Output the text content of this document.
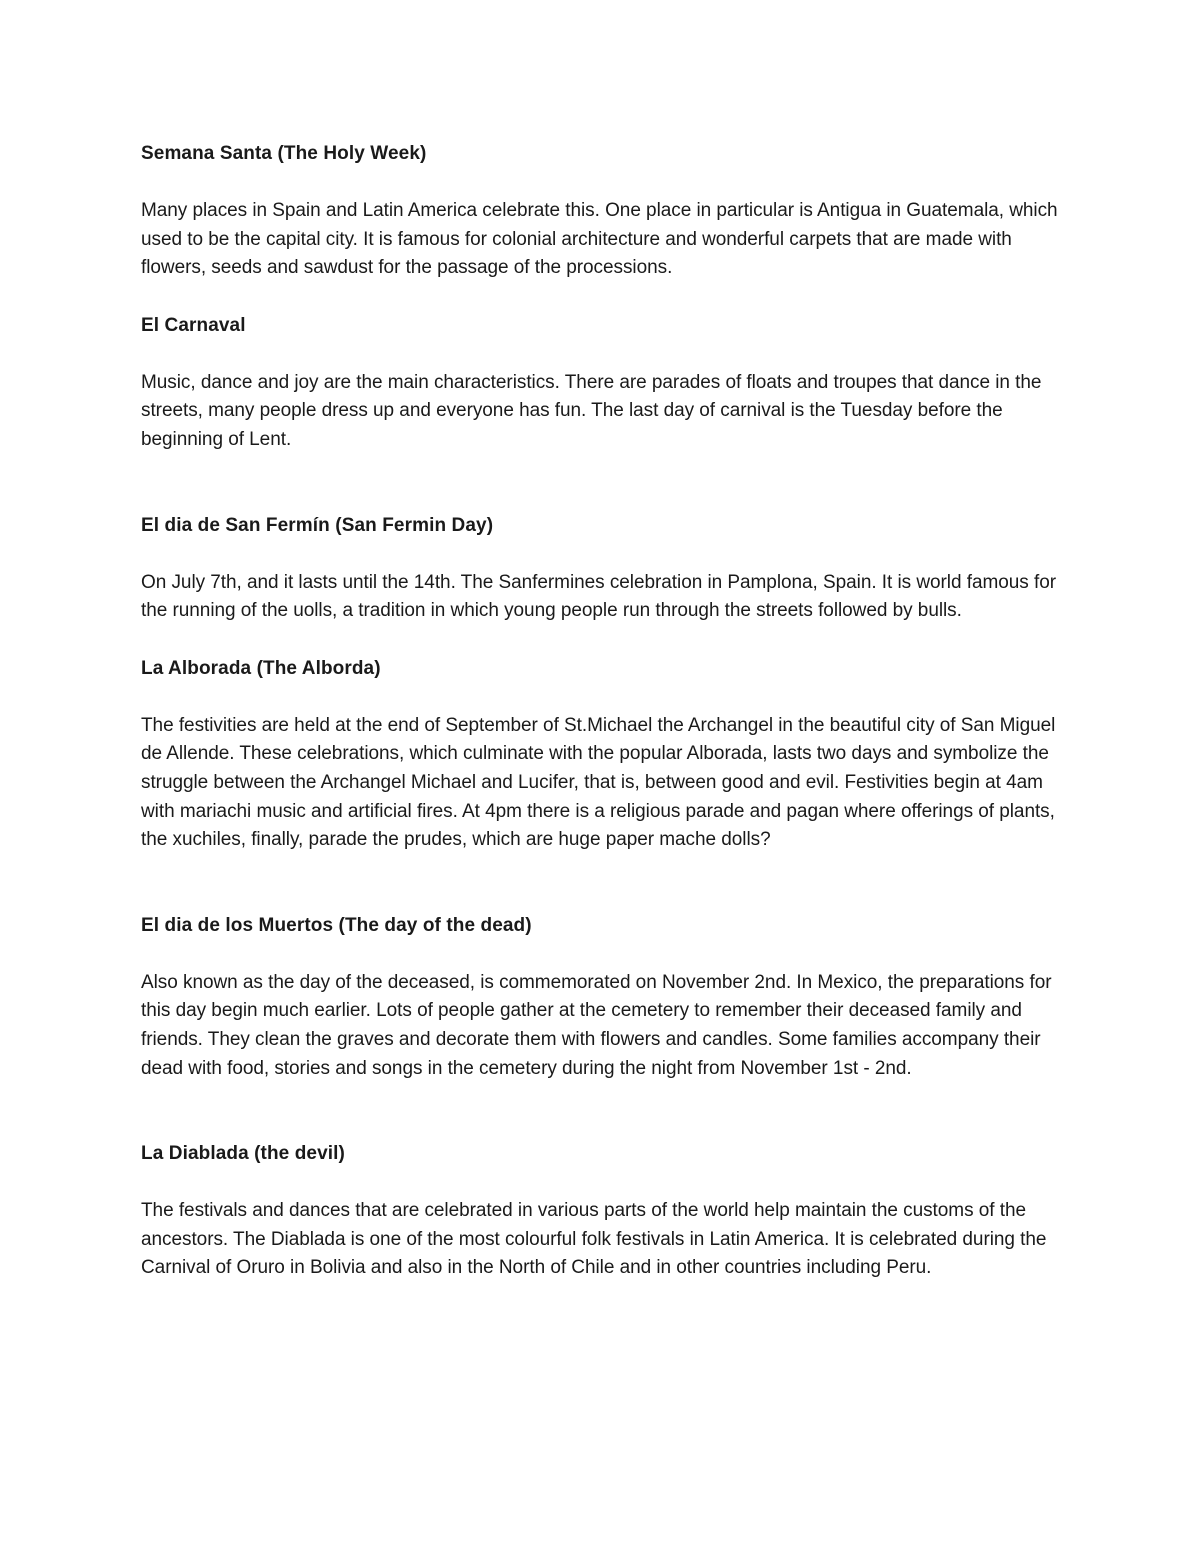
Semana Santa (The Holy Week)

Many places in Spain and Latin America celebrate this. One place in particular is Antigua in Guatemala, which used to be the capital city. It is famous for colonial architecture and wonderful carpets that are made with flowers, seeds and sawdust for the passage of the processions.

El Carnaval

Music, dance and joy are the main characteristics. There are parades of floats and troupes that dance in the streets, many people dress up and everyone has fun. The last day of carnival is the Tuesday before the beginning of Lent.

El dia de San Fermín (San Fermin Day)

On July 7th, and it lasts until the 14th. The Sanfermines celebration in Pamplona, Spain. It is world famous for the running of the uolls, a tradition in which young people run through the streets followed by bulls.

La Alborada (The Alborda)

The festivities are held at the end of September of St.Michael the Archangel in the beautiful city of San Miguel de Allende. These celebrations, which culminate with the popular Alborada, lasts two days and symbolize the struggle between the Archangel Michael and Lucifer, that is, between good and evil. Festivities begin at 4am with mariachi music and artificial fires. At 4pm there is a religious parade and pagan where offerings of plants, the xuchiles, finally, parade the prudes, which are huge paper mache dolls?

El dia de los Muertos (The day of the dead)

Also known as the day of the deceased, is commemorated on November 2nd. In Mexico, the preparations for this day begin much earlier. Lots of people gather at the cemetery to remember their deceased family and friends. They clean the graves and decorate them with flowers and candles. Some families accompany their dead with food, stories and songs in the cemetery during the night from November 1st - 2nd.

La Diablada (the devil)

The festivals and dances that are celebrated in various parts of the world help maintain the customs of the ancestors. The Diablada is one of the most colourful folk festivals in Latin America. It is celebrated during the Carnival of Oruro in Bolivia and also in the North of Chile and in other countries including Peru.
